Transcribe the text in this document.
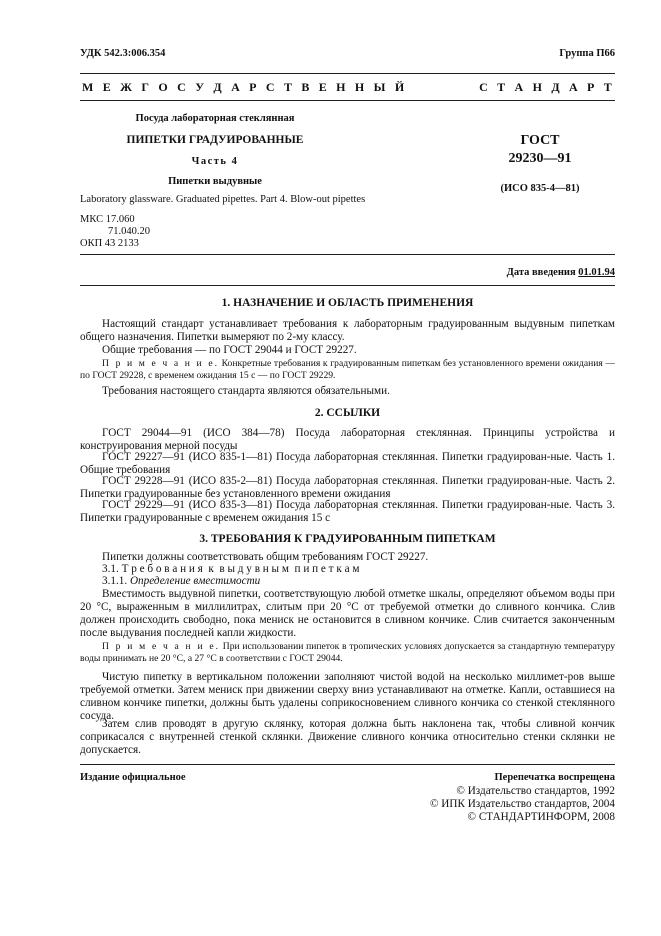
УДК 542.3:006.354	Группа П66
М Е Ж Г О С У Д А Р С Т В Е Н Н Ы Й	С Т А Н Д А Р Т
Посуда лабораторная стеклянная
ПИПЕТКИ ГРАДУИРОВАННЫЕ
Часть 4
Пипетки выдувные
ГОСТ
29230—91
(ИСО 835-4—81)
Laboratory glassware. Graduated pipettes. Part 4. Blow-out pipettes
МКС 17.060
71.040.20
ОКП 43 2133
Дата введения 01.01.94
1. НАЗНАЧЕНИЕ И ОБЛАСТЬ ПРИМЕНЕНИЯ
Настоящий стандарт устанавливает требования к лабораторным градуированным выдувным пипеткам общего назначения. Пипетки вымеряют по 2-му классу.
Общие требования — по ГОСТ 29044 и ГОСТ 29227.
П р и м е ч а н и е. Конкретные требования к градуированным пипеткам без установленного времени ожидания — по ГОСТ 29228, с временем ожидания 15 с — по ГОСТ 29229.
Требования настоящего стандарта являются обязательными.
2. ССЫЛКИ
ГОСТ 29044—91 (ИСО 384—78) Посуда лабораторная стеклянная. Принципы устройства и конструирования мерной посуды
ГОСТ 29227—91 (ИСО 835-1—81) Посуда лабораторная стеклянная. Пипетки градуирован-ные. Часть 1. Общие требования
ГОСТ 29228—91 (ИСО 835-2—81) Посуда лабораторная стеклянная. Пипетки градуирован-ные. Часть 2. Пипетки градуированные без установленного времени ожидания
ГОСТ 29229—91 (ИСО 835-3—81) Посуда лабораторная стеклянная. Пипетки градуирован-ные. Часть 3. Пипетки градуированные с временем ожидания 15 с
3. ТРЕБОВАНИЯ К ГРАДУИРОВАННЫМ ПИПЕТКАМ
Пипетки должны соответствовать общим требованиям ГОСТ 29227.
3.1. Т р е б о в а н и я  к  в ы д у в н ы м  п и п е т к а м
3.1.1. Определение вместимости
Вместимость выдувной пипетки, соответствующую любой отметке шкалы, определяют объемом воды при 20 °С, выраженным в миллилитрах, слитым при 20 °С от требуемой отметки до сливного кончика. Слив должен происходить свободно, пока мениск не остановится в сливном кончике. Слив считается законченным после выдувания последней капли жидкости.
П р и м е ч а н и е. При использовании пипеток в тропических условиях допускается за стандартную температуру воды принимать не 20 °С, а 27 °С в соответствии с ГОСТ 29044.
Чистую пипетку в вертикальном положении заполняют чистой водой на несколько миллимет-ров выше требуемой отметки. Затем мениск при движении сверху вниз устанавливают на отметке. Капли, оставшиеся на сливном кончике пипетки, должны быть удалены соприкосновением сливного кончика со стенкой стеклянного сосуда.
Затем слив проводят в другую склянку, которая должна быть наклонена так, чтобы сливной кончик соприкасался с внутренней стенкой склянки. Движение сливного кончика относительно стенки склянки не допускается.
Издание официальное	Перепечатка воспрещена
© Издательство стандартов, 1992
© ИПК Издательство стандартов, 2004
© СТАНДАРТИНФОРМ, 2008
